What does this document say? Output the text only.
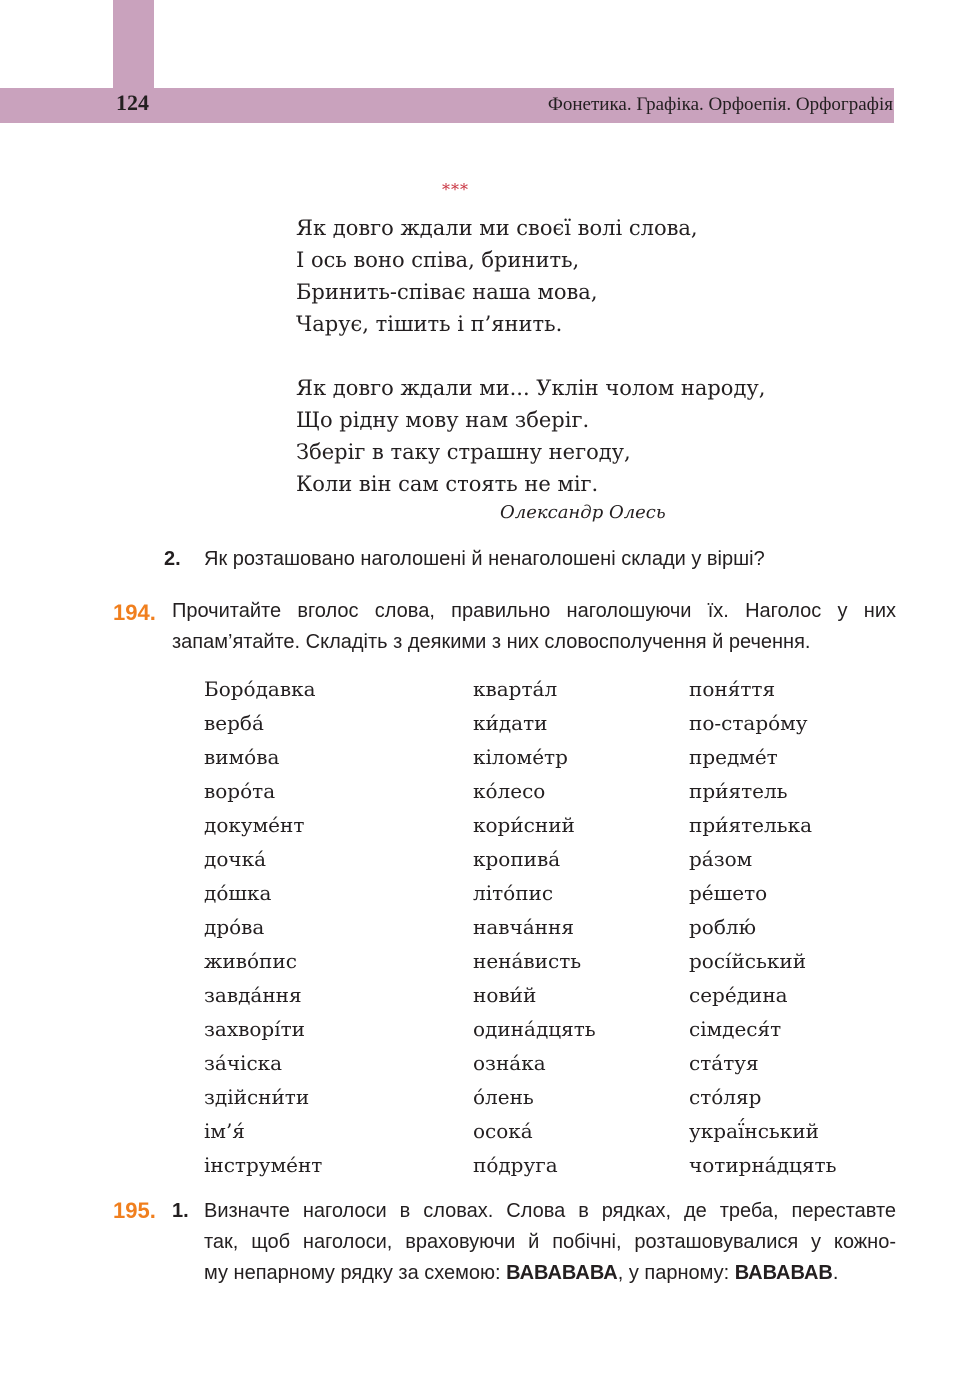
124	Фонетика. Графіка. Орфоепія. Орфографія
***
Як довго ждали ми своєї волі слова,
І ось воно співа, бринить,
Бринить-співає наша мова,
Чарує, тішить і п’янить.
Як довго ждали ми... Уклін чолом народу,
Що рідну мову нам зберіг.
Зберіг в таку страшну негоду,
Коли він сам стоять не міг.
Олександр Олесь
2. Як розташовано наголошені й ненаголошені склади у вірші?
194. Прочитайте вголос слова, правильно наголошуючи їх. Наголос у них
запам’ятайте. Складіть з деякими з них словосполучення й речення.
Боро́давка
верба́
вимо́ва
воро́та
докуме́нт
дочка́
до́шка
дро́ва
живо́пис
завда́ння
захворі́ти
за́чіска
здійсни́ти
ім’я́
інструме́нт
кварта́л
ки́дати
кіломе́тр
ко́лесо
кори́сний
кропива́
літо́пис
навча́ння
нена́висть
нови́й
одина́дцять
озна́ка
о́лень
осока́
по́друга
поня́ття
по-старо́му
предме́т
при́ятель
при́ятелька
ра́зом
ре́шето
роблю́
росі́йський
сере́дина
сімдеся́т
ста́туя
сто́ляр
украї́нський
чотирна́дцять
195. 1. Визначте наголоси в словах. Слова в рядках, де треба, переставте
так, щоб наголоси, враховуючи й побічні, розташовувалися у кожно-
му непарному рядку за схемою: ВАВАВАВА, у парному: ВАВАВАВ.
